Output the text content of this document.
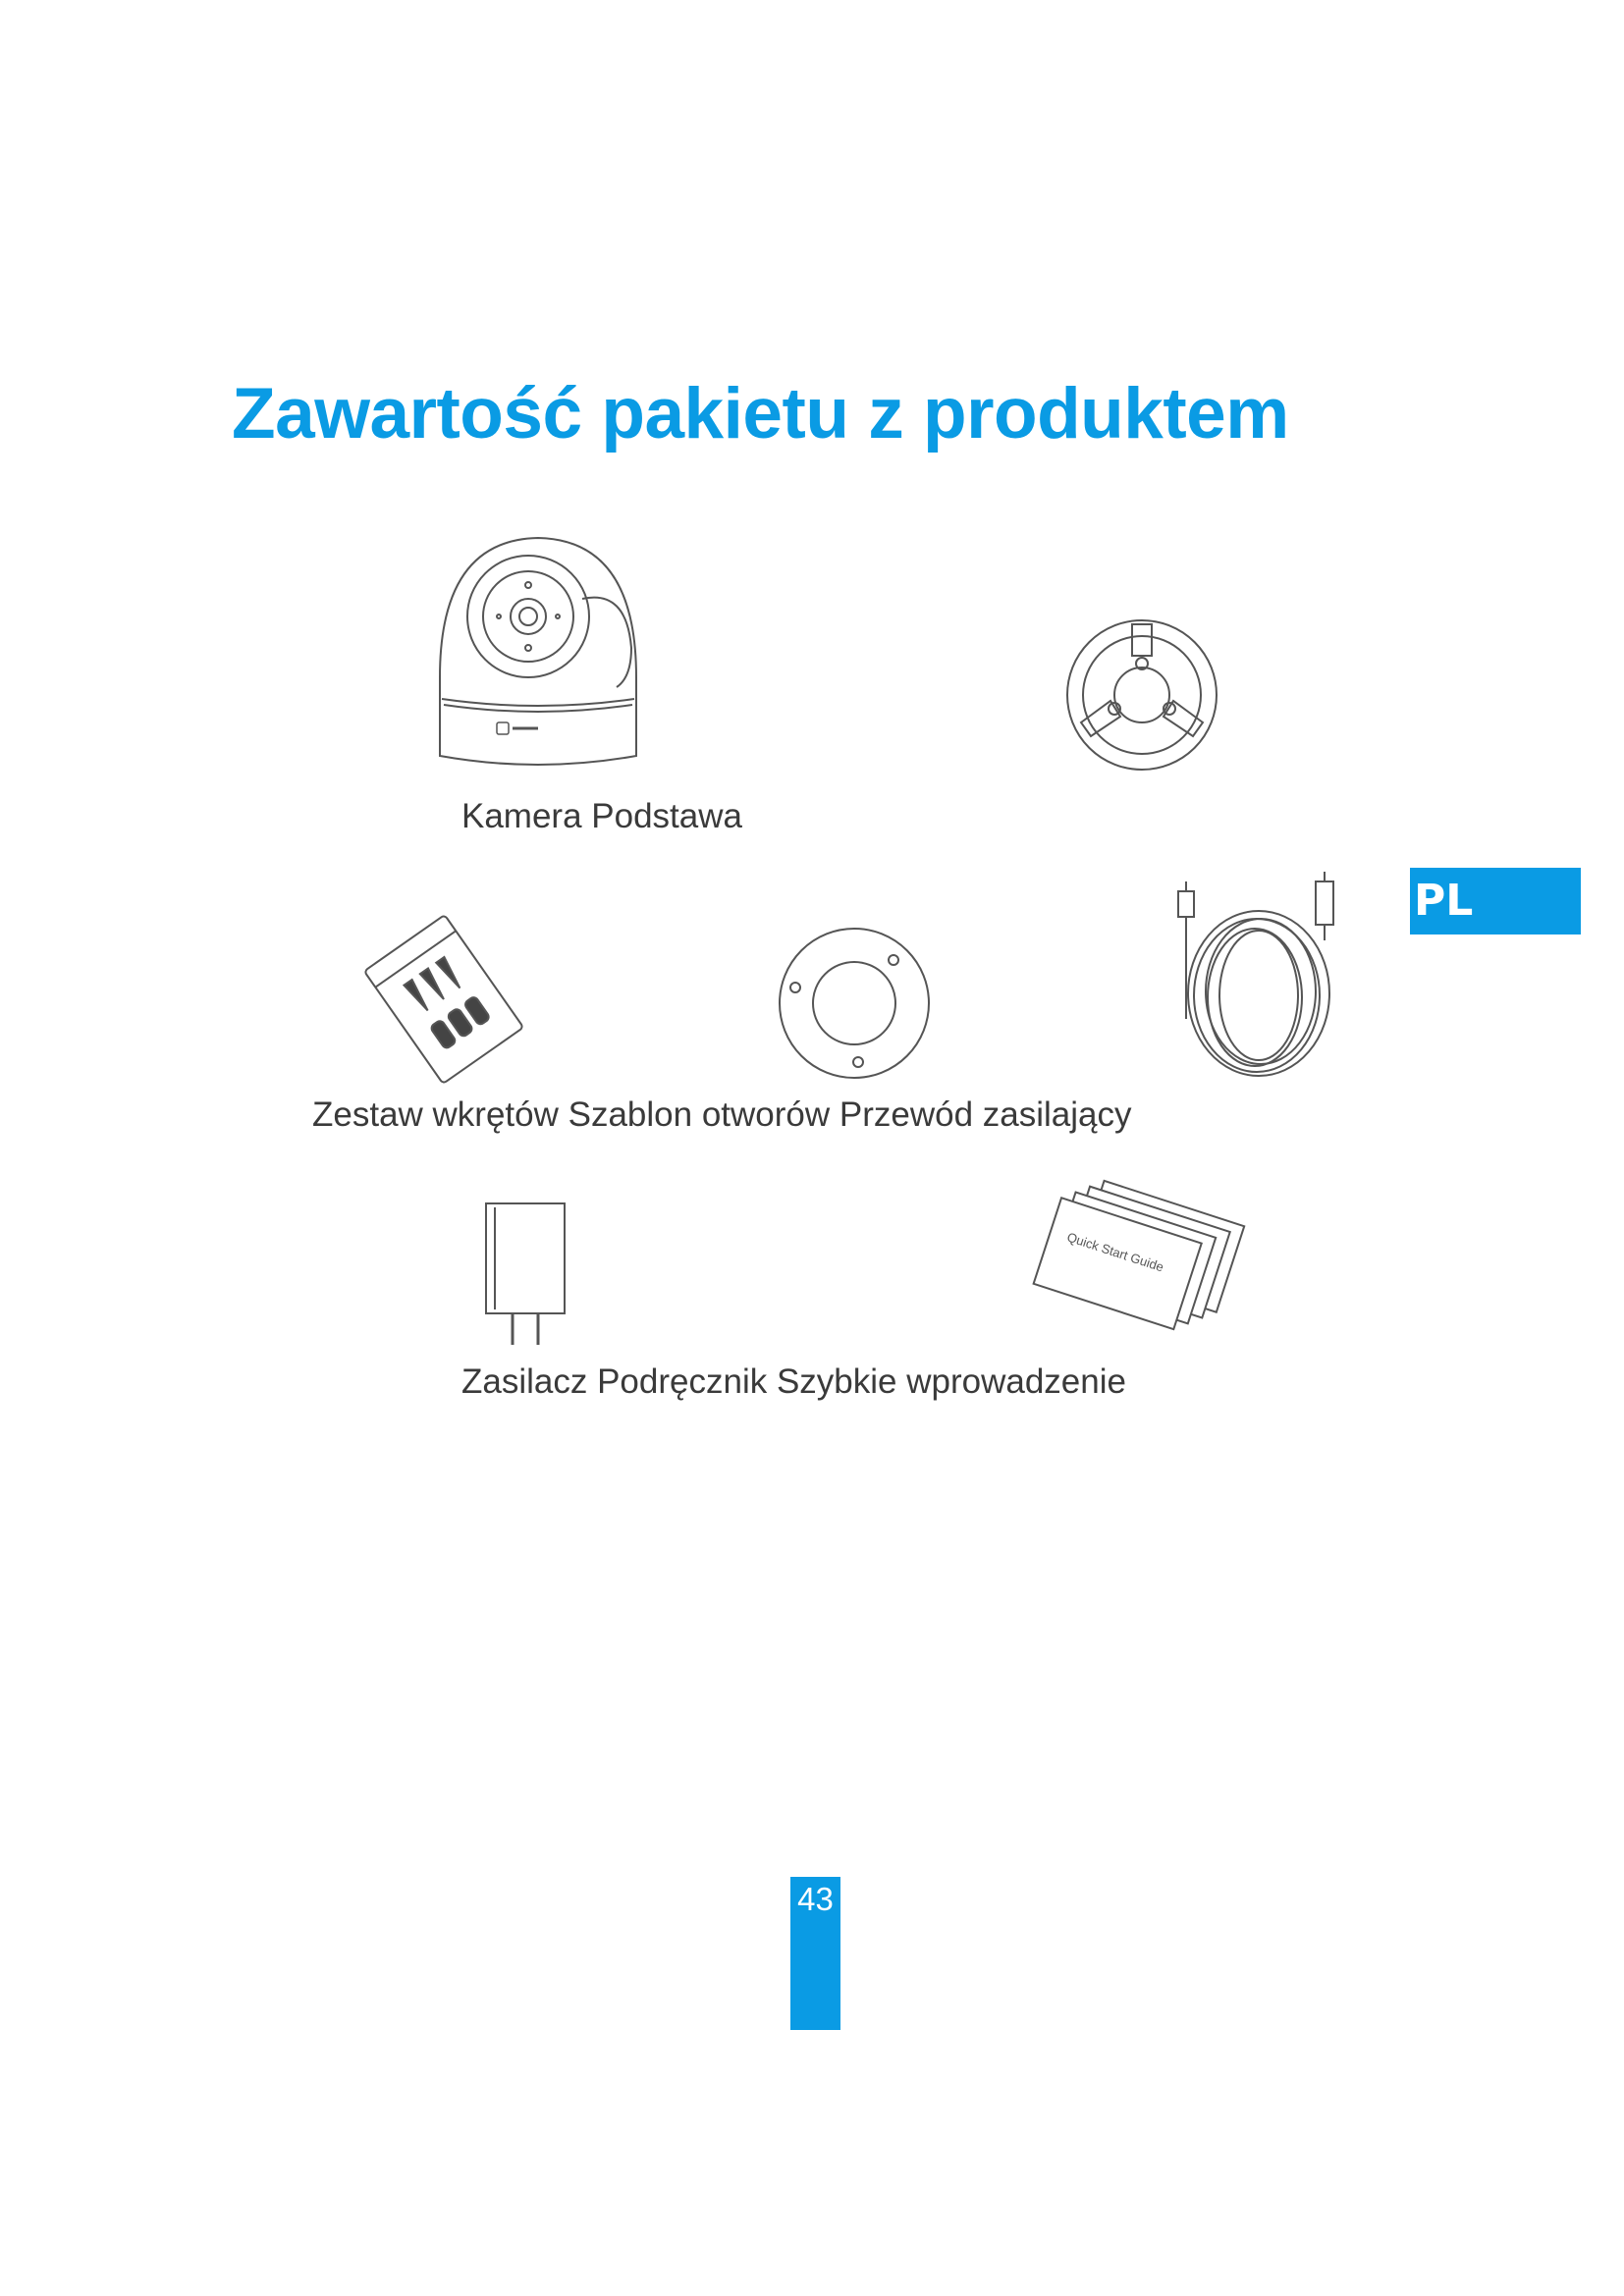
Zawartość pakietu z produktem
PL
Kamera Podstawa
Zestaw wkrętów Szablon otworów Przewód zasilający
Quick Start Guide
Zasilacz Podręcznik Szybkie wprowadzenie
43
